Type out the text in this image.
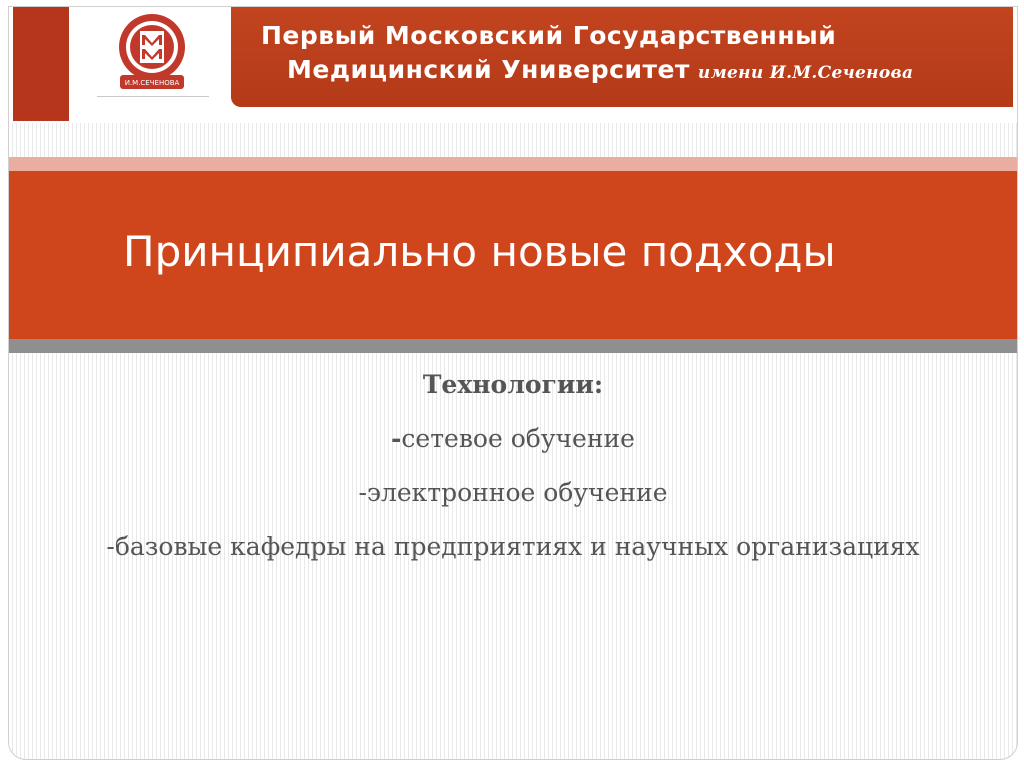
И.М.СЕЧЕНОВА
Первый Московский Государственный
Медицинский Университет имени И.М.Сеченова
Принципиально новые подходы
Технологии:
-сетевое обучение
-электронное обучение
-базовые кафедры на предприятиях и научных организациях
